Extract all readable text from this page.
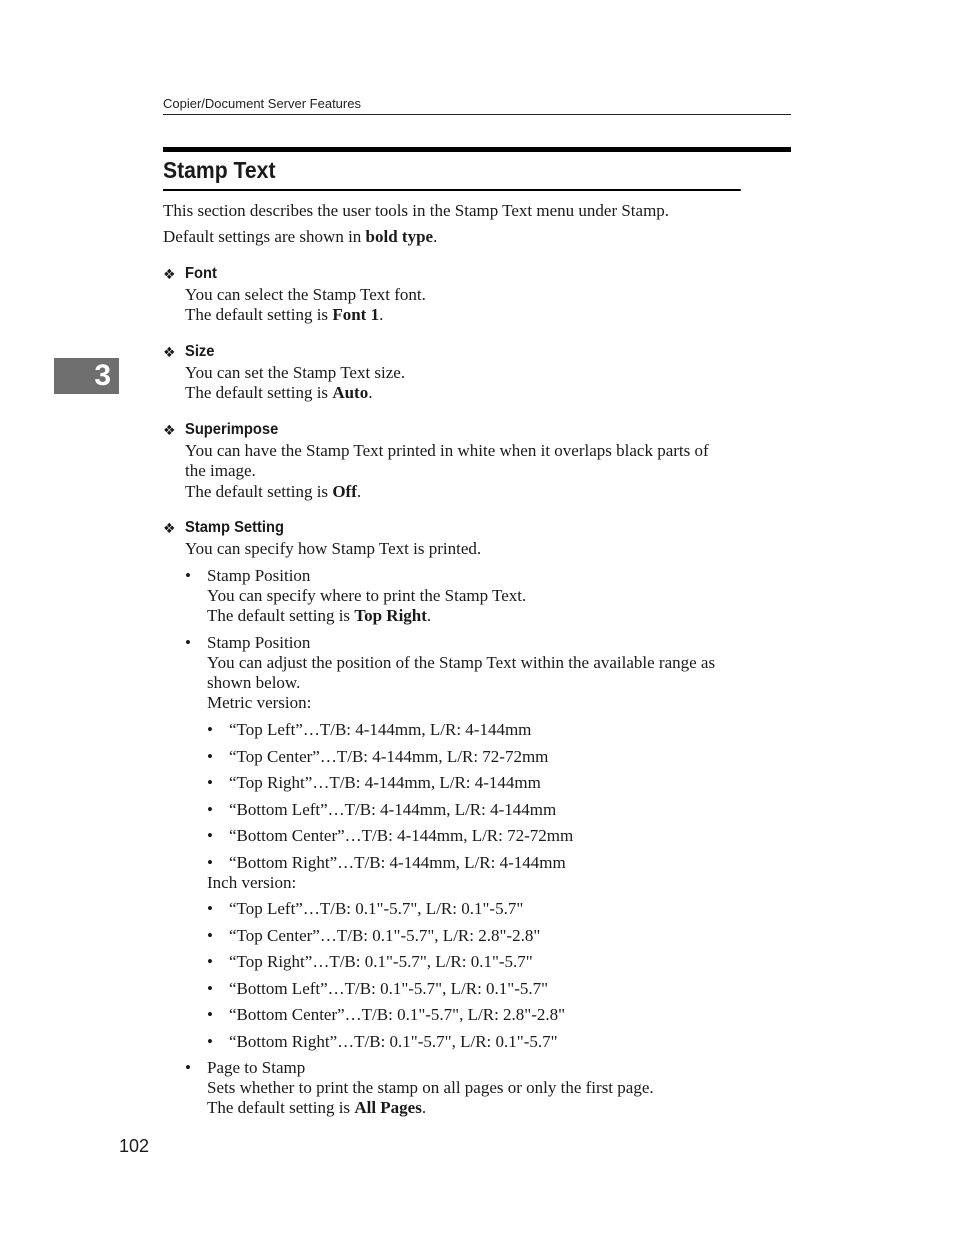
Copier/Document Server Features
Stamp Text
3

This section describes the user tools in the Stamp Text menu under Stamp.

Default settings are shown in bold type.

❖ Font

You can select the Stamp Text font.

The default setting is Font 1.

❖ Size

You can set the Stamp Text size.

The default setting is Auto.

❖ Superimpose

You can have the Stamp Text printed in white when it overlaps black parts of

the image.

The default setting is Off.

❖ Stamp Setting

You can specify how Stamp Text is printed.

• Stamp Position
You can specify where to print the Stamp Text.
The default setting is Top Right.
• Stamp Position
You can adjust the position of the Stamp Text within the available range as
shown below.
Metric version:
• “Top Left”…T/B: 4-144mm, L/R: 4-144mm
• “Top Center”…T/B: 4-144mm, L/R: 72-72mm
• “Top Right”…T/B: 4-144mm, L/R: 4-144mm
• “Bottom Left”…T/B: 4-144mm, L/R: 4-144mm
• “Bottom Center”…T/B: 4-144mm, L/R: 72-72mm
• “Bottom Right”…T/B: 4-144mm, L/R: 4-144mm
Inch version:
• “Top Left”…T/B: 0.1"-5.7", L/R: 0.1"-5.7"
• “Top Center”…T/B: 0.1"-5.7", L/R: 2.8"-2.8"
• “Top Right”…T/B: 0.1"-5.7", L/R: 0.1"-5.7"
• “Bottom Left”…T/B: 0.1"-5.7", L/R: 0.1"-5.7"
• “Bottom Center”…T/B: 0.1"-5.7", L/R: 2.8"-2.8"
• “Bottom Right”…T/B: 0.1"-5.7", L/R: 0.1"-5.7"
• Page to Stamp
Sets whether to print the stamp on all pages or only the first page.
The default setting is All Pages.
102
